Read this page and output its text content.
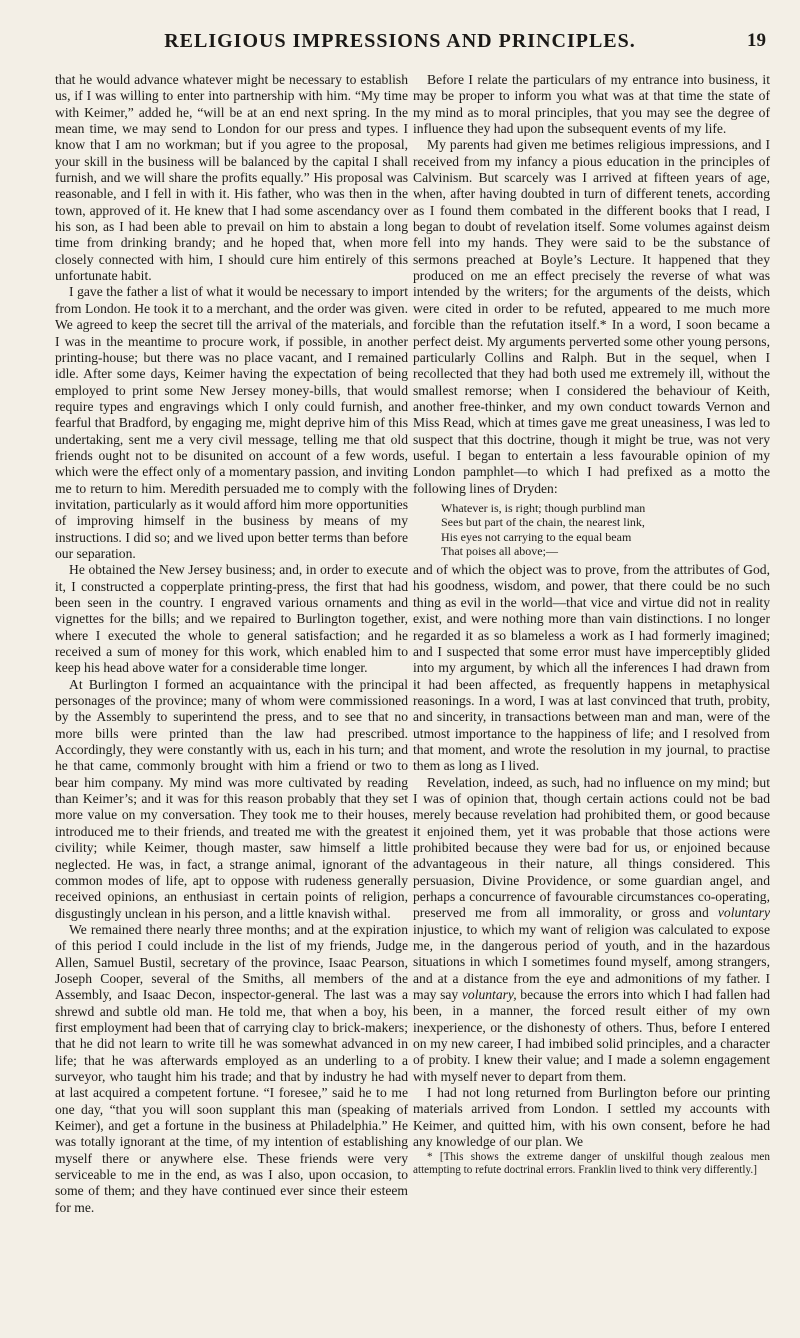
RELIGIOUS IMPRESSIONS AND PRINCIPLES.	19

that he would advance whatever might be necessary to establish us, if I was willing to enter into partnership with him. “My time with Keimer,” added he, “will be at an end next spring. In the mean time, we may send to London for our press and types. I know that I am no workman; but if you agree to the proposal, your skill in the business will be balanced by the capital I shall furnish, and we will share the profits equally.” His proposal was reasonable, and I fell in with it. His father, who was then in the town, approved of it. He knew that I had some ascendancy over his son, as I had been able to prevail on him to abstain a long time from drinking brandy; and he hoped that, when more closely connected with him, I should cure him entirely of this unfortunate habit.

I gave the father a list of what it would be necessary to import from London. He took it to a merchant, and the order was given. We agreed to keep the secret till the arrival of the materials, and I was in the meantime to procure work, if possible, in another printing-house; but there was no place vacant, and I remained idle. After some days, Keimer having the expectation of being employed to print some New Jersey money-bills, that would require types and engravings which I only could furnish, and fearful that Bradford, by engaging me, might deprive him of this undertaking, sent me a very civil message, telling me that old friends ought not to be disunited on account of a few words, which were the effect only of a momentary passion, and inviting me to return to him. Meredith persuaded me to comply with the invitation, particularly as it would afford him more opportunities of improving himself in the business by means of my instructions. I did so; and we lived upon better terms than before our separation.

He obtained the New Jersey business; and, in order to execute it, I constructed a copperplate printing-press, the first that had been seen in the country. I engraved various ornaments and vignettes for the bills; and we repaired to Burlington together, where I executed the whole to general satisfaction; and he received a sum of money for this work, which enabled him to keep his head above water for a considerable time longer.

At Burlington I formed an acquaintance with the principal personages of the province; many of whom were commissioned by the Assembly to superintend the press, and to see that no more bills were printed than the law had prescribed. Accordingly, they were constantly with us, each in his turn; and he that came, commonly brought with him a friend or two to bear him company. My mind was more cultivated by reading than Keimer’s; and it was for this reason probably that they set more value on my conversation. They took me to their houses, introduced me to their friends, and treated me with the greatest civility; while Keimer, though master, saw himself a little neglected. He was, in fact, a strange animal, ignorant of the common modes of life, apt to oppose with rudeness generally received opinions, an enthusiast in certain points of religion, disgustingly unclean in his person, and a little knavish withal.

We remained there nearly three months; and at the expiration of this period I could include in the list of my friends, Judge Allen, Samuel Bustil, secretary of the province, Isaac Pearson, Joseph Cooper, several of the Smiths, all members of the Assembly, and Isaac Decon, inspector-general. The last was a shrewd and subtle old man. He told me, that when a boy, his first employment had been that of carrying clay to brick-makers; that he did not learn to write till he was somewhat advanced in life; that he was afterwards employed as an underling to a surveyor, who taught him his trade; and that by industry he had at last acquired a competent fortune. “I foresee,” said he to me one day, “that you will soon supplant this man (speaking of Keimer), and get a fortune in the business at Philadelphia.” He was totally ignorant at the time, of my intention of establishing myself there or anywhere else. These friends were very serviceable to me in the end, as was I also, upon occasion, to some of them; and they have continued ever since their esteem for me.

Before I relate the particulars of my entrance into business, it may be proper to inform you what was at that time the state of my mind as to moral principles, that you may see the degree of influence they had upon the subsequent events of my life.

My parents had given me betimes religious impressions, and I received from my infancy a pious education in the principles of Calvinism. But scarcely was I arrived at fifteen years of age, when, after having doubted in turn of different tenets, according as I found them combated in the different books that I read, I began to doubt of revelation itself. Some volumes against deism fell into my hands. They were said to be the substance of sermons preached at Boyle’s Lecture. It happened that they produced on me an effect precisely the reverse of what was intended by the writers; for the arguments of the deists, which were cited in order to be refuted, appeared to me much more forcible than the refutation itself.* In a word, I soon became a perfect deist. My arguments perverted some other young persons, particularly Collins and Ralph. But in the sequel, when I recollected that they had both used me extremely ill, without the smallest remorse; when I considered the behaviour of Keith, another free-thinker, and my own conduct towards Vernon and Miss Read, which at times gave me great uneasiness, I was led to suspect that this doctrine, though it might be true, was not very useful. I began to entertain a less favourable opinion of my London pamphlet—to which I had prefixed as a motto the following lines of Dryden:

Whatever is, is right; though purblind man
Sees but part of the chain, the nearest link,
His eyes not carrying to the equal beam
That poises all above;—

and of which the object was to prove, from the attributes of God, his goodness, wisdom, and power, that there could be no such thing as evil in the world—that vice and virtue did not in reality exist, and were nothing more than vain distinctions. I no longer regarded it as so blameless a work as I had formerly imagined; and I suspected that some error must have imperceptibly glided into my argument, by which all the inferences I had drawn from it had been affected, as frequently happens in metaphysical reasonings. In a word, I was at last convinced that truth, probity, and sincerity, in transactions between man and man, were of the utmost importance to the happiness of life; and I resolved from that moment, and wrote the resolution in my journal, to practise them as long as I lived.

Revelation, indeed, as such, had no influence on my mind; but I was of opinion that, though certain actions could not be bad merely because revelation had prohibited them, or good because it enjoined them, yet it was probable that those actions were prohibited because they were bad for us, or enjoined because advantageous in their nature, all things considered. This persuasion, Divine Providence, or some guardian angel, and perhaps a concurrence of favourable circumstances co-operating, preserved me from all immorality, or gross and voluntary injustice, to which my want of religion was calculated to expose me, in the dangerous period of youth, and in the hazardous situations in which I sometimes found myself, among strangers, and at a distance from the eye and admonitions of my father. I may say voluntary, because the errors into which I had fallen had been, in a manner, the forced result either of my own inexperience, or the dishonesty of others. Thus, before I entered on my new career, I had imbibed solid principles, and a character of probity. I knew their value; and I made a solemn engagement with myself never to depart from them.

I had not long returned from Burlington before our printing materials arrived from London. I settled my accounts with Keimer, and quitted him, with his own consent, before he had any knowledge of our plan. We

* [This shows the extreme danger of unskilful though zealous men attempting to refute doctrinal errors. Franklin lived to think very differently.]
